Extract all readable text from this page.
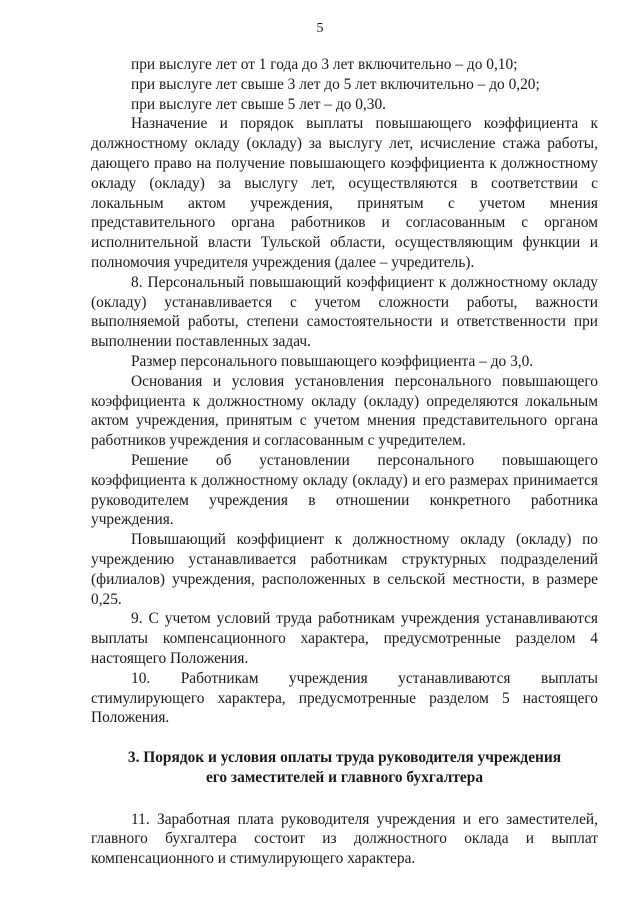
5

при выслуге лет от 1 года до 3 лет включительно – до 0,10;

при выслуге лет свыше 3 лет до 5 лет включительно – до 0,20;

при выслуге лет свыше 5 лет – до 0,30.

Назначение и порядок выплаты повышающего коэффициента к должностному окладу (окладу) за выслугу лет, исчисление стажа работы, дающего право на получение повышающего коэффициента к должностному окладу (окладу) за выслугу лет, осуществляются в соответствии с локальным актом учреждения, принятым с учетом мнения представительного органа работников и согласованным с органом исполнительной власти Тульской области, осуществляющим функции и полномочия учредителя учреждения (далее – учредитель).

8. Персональный повышающий коэффициент к должностному окладу (окладу) устанавливается с учетом сложности работы, важности выполняемой работы, степени самостоятельности и ответственности при выполнении поставленных задач.

Размер персонального повышающего коэффициента – до 3,0.

Основания и условия установления персонального повышающего коэффициента к должностному окладу (окладу) определяются локальным актом учреждения, принятым с учетом мнения представительного органа работников учреждения и согласованным с учредителем.

Решение об установлении персонального повышающего коэффициента к должностному окладу (окладу) и его размерах принимается руководителем учреждения в отношении конкретного работника учреждения.

Повышающий коэффициент к должностному окладу (окладу) по учреждению устанавливается работникам структурных подразделений (филиалов) учреждения, расположенных в сельской местности, в размере 0,25.

9. С учетом условий труда работникам учреждения устанавливаются выплаты компенсационного характера, предусмотренные разделом 4 настоящего Положения.

10. Работникам учреждения устанавливаются выплаты стимулирующего характера, предусмотренные разделом 5 настоящего Положения.

3. Порядок и условия оплаты труда руководителя учреждения
его заместителей и главного бухгалтера

11. Заработная плата руководителя учреждения и его заместителей, главного бухгалтера состоит из должностного оклада и выплат компенсационного и стимулирующего характера.
